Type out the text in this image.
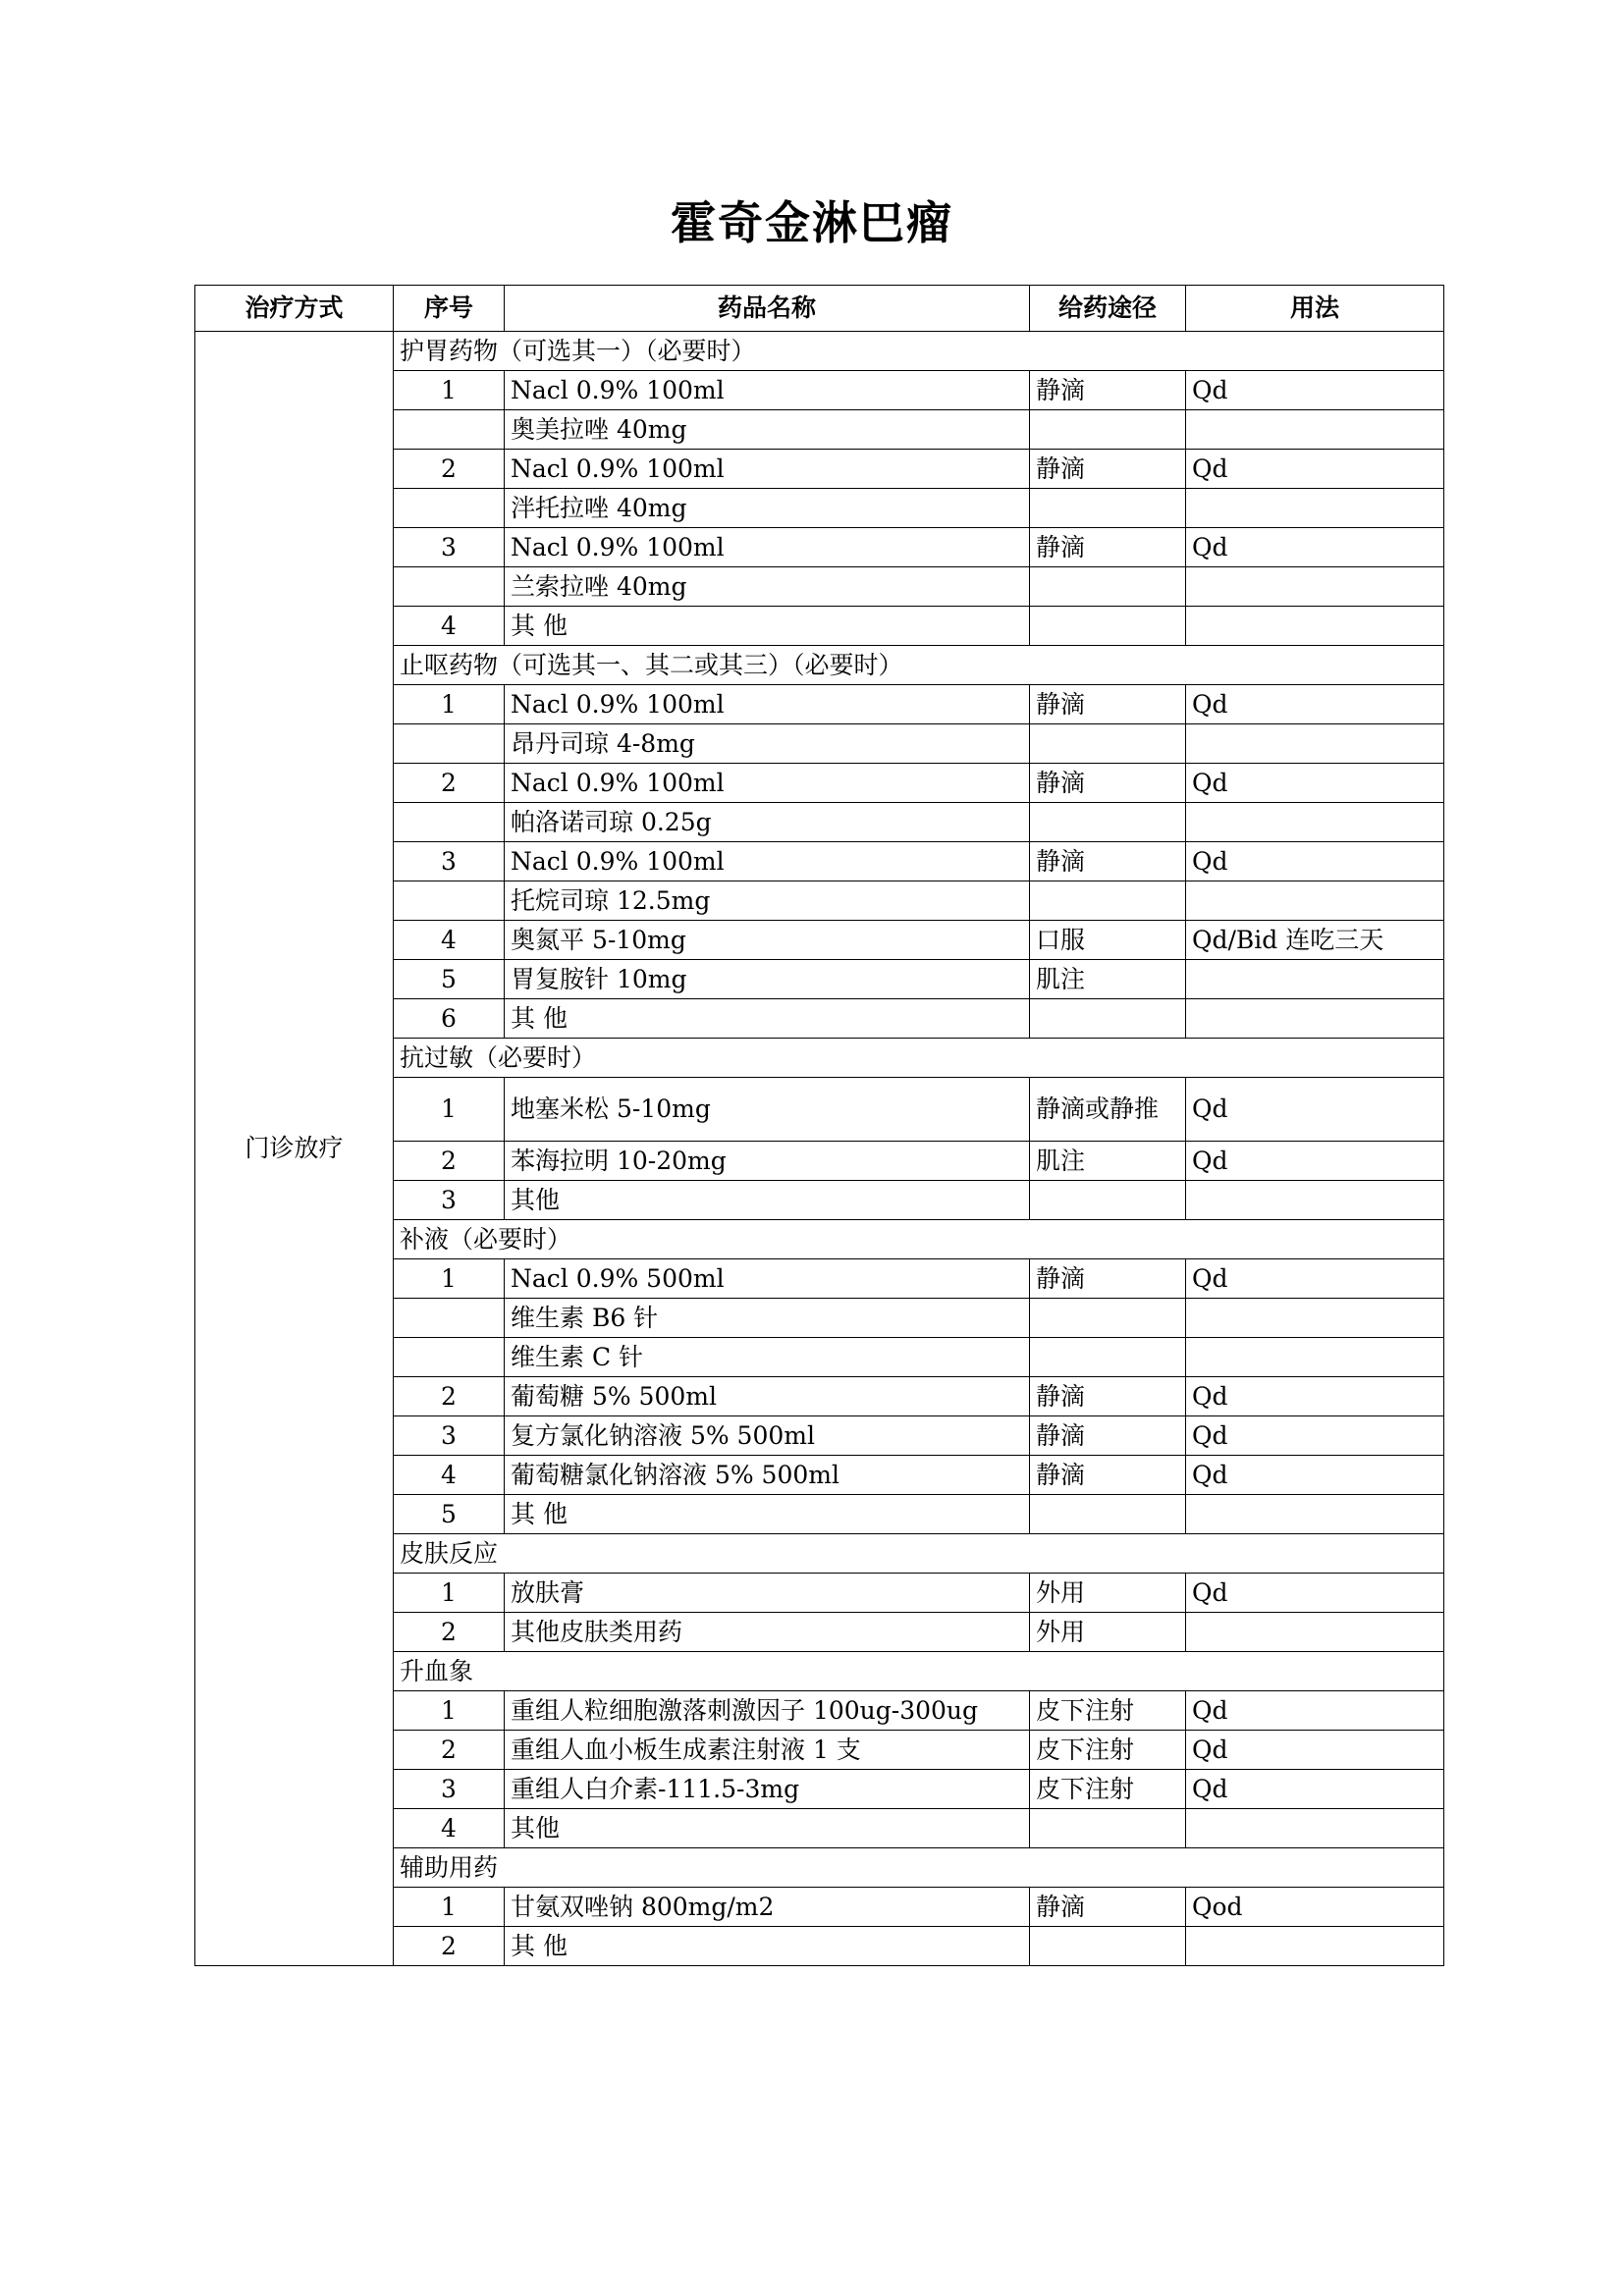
霍奇金淋巴瘤
治疗方式	序号	药品名称	给药途径	用法
门诊放疗	护胃药物（可选其一）（必要时）			
	1	Nacl 0.9% 100ml	静滴	Qd
		奥美拉唑 40mg		
	2	Nacl 0.9% 100ml	静滴	Qd
		泮托拉唑 40mg		
	3	Nacl 0.9% 100ml	静滴	Qd
		兰索拉唑 40mg		
	4	其 他		
	止呕药物（可选其一、其二或其三）（必要时）			
	1	Nacl 0.9% 100ml	静滴	Qd
		昂丹司琼 4-8mg		
	2	Nacl 0.9% 100ml	静滴	Qd
		帕洛诺司琼 0.25g		
	3	Nacl 0.9% 100ml	静滴	Qd
		托烷司琼 12.5mg		
	4	奥氮平 5-10mg	口服	Qd/Bid 连吃三天
	5	胃复胺针 10mg	肌注	
	6	其 他		
	抗过敏（必要时）			
	1	地塞米松 5-10mg	静滴或静推	Qd
	2	苯海拉明 10-20mg	肌注	Qd
	3	其他		
	补液（必要时）			
	1	Nacl 0.9% 500ml	静滴	Qd
		维生素 B6 针		
		维生素 C 针		
	2	葡萄糖 5% 500ml	静滴	Qd
	3	复方氯化钠溶液 5% 500ml	静滴	Qd
	4	葡萄糖氯化钠溶液 5% 500ml	静滴	Qd
	5	其 他		
	皮肤反应			
	1	放肤膏	外用	Qd
	2	其他皮肤类用药	外用	
	升血象			
	1	重组人粒细胞激落刺激因子 100ug-300ug	皮下注射	Qd
	2	重组人血小板生成素注射液 1 支	皮下注射	Qd
	3	重组人白介素-111.5-3mg	皮下注射	Qd
	4	其他		
	辅助用药			
	1	甘氨双唑钠 800mg/m2	静滴	Qod
	2	其 他		
